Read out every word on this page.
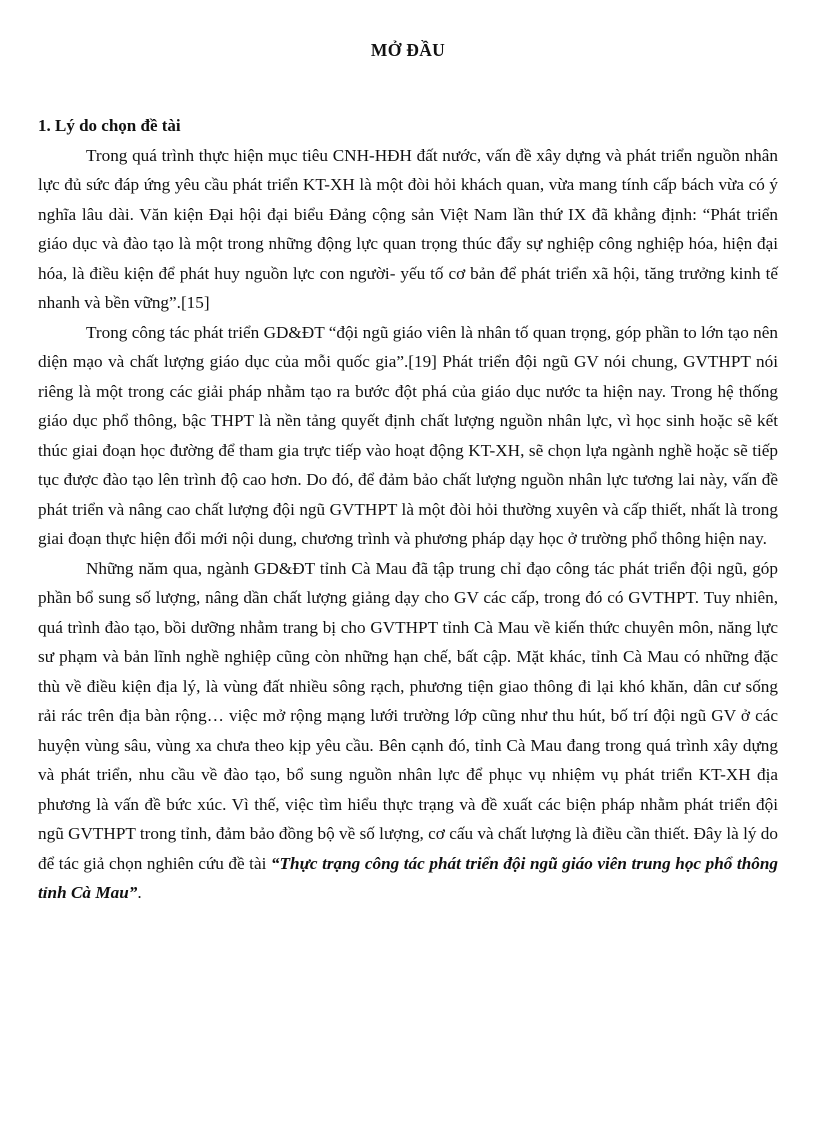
MỞ ĐẦU
1. Lý do chọn đề tài

Trong quá trình thực hiện mục tiêu CNH-HĐH đất nước, vấn đề xây dựng và phát triển nguồn nhân lực đủ sức đáp ứng yêu cầu phát triển KT-XH là một đòi hỏi khách quan, vừa mang tính cấp bách vừa có ý nghĩa lâu dài. Văn kiện Đại hội đại biểu Đảng cộng sản Việt Nam lần thứ IX đã khẳng định: “Phát triển giáo dục và đào tạo là một trong những động lực quan trọng thúc đẩy sự nghiệp công nghiệp hóa, hiện đại hóa, là điều kiện để phát huy nguồn lực con người- yếu tố cơ bản để phát triển xã hội, tăng trưởng kinh tế nhanh và bền vững”.[15]

Trong công tác phát triển GD&ĐT “đội ngũ giáo viên là nhân tố quan trọng, góp phần to lớn tạo nên diện mạo và chất lượng giáo dục của mỗi quốc gia”.[19] Phát triển đội ngũ GV nói chung, GVTHPT nói riêng là một trong các giải pháp nhằm tạo ra bước đột phá của giáo dục nước ta hiện nay. Trong hệ thống giáo dục phổ thông, bậc THPT là nền tảng quyết định chất lượng nguồn nhân lực, vì học sinh hoặc sẽ kết thúc giai đoạn học đường để tham gia trực tiếp vào hoạt động KT-XH, sẽ chọn lựa ngành nghề hoặc sẽ tiếp tục được đào tạo lên trình độ cao hơn. Do đó, để đảm bảo chất lượng nguồn nhân lực tương lai này, vấn đề phát triển và nâng cao chất lượng đội ngũ GVTHPT là một đòi hỏi thường xuyên và cấp thiết, nhất là trong giai đoạn thực hiện đổi mới nội dung, chương trình và phương pháp dạy học ở trường phổ thông hiện nay.

Những năm qua, ngành GD&ĐT tỉnh Cà Mau đã tập trung chỉ đạo công tác phát triển đội ngũ, góp phần bổ sung số lượng, nâng dần chất lượng giảng dạy cho GV các cấp, trong đó có GVTHPT. Tuy nhiên, quá trình đào tạo, bồi dưỡng nhằm trang bị cho GVTHPT tỉnh Cà Mau về kiến thức chuyên môn, năng lực sư phạm và bản lĩnh nghề nghiệp cũng còn những hạn chế, bất cập. Mặt khác, tỉnh Cà Mau có những đặc thù về điều kiện địa lý, là vùng đất nhiều sông rạch, phương tiện giao thông đi lại khó khăn, dân cư sống rải rác trên địa bàn rộng… việc mở rộng mạng lưới trường lớp cũng như thu hút, bố trí đội ngũ GV ở các huyện vùng sâu, vùng xa chưa theo kịp yêu cầu. Bên cạnh đó, tỉnh Cà Mau đang trong quá trình xây dựng và phát triển, nhu cầu về đào tạo, bổ sung nguồn nhân lực để phục vụ nhiệm vụ phát triển KT-XH địa phương là vấn đề bức xúc. Vì thế, việc tìm hiểu thực trạng và đề xuất các biện pháp nhằm phát triển đội ngũ GVTHPT trong tỉnh, đảm bảo đồng bộ về số lượng, cơ cấu và chất lượng là điều cần thiết. Đây là lý do để tác giả chọn nghiên cứu đề tài “Thực trạng công tác phát triển đội ngũ giáo viên trung học phổ thông tỉnh Cà Mau”.
